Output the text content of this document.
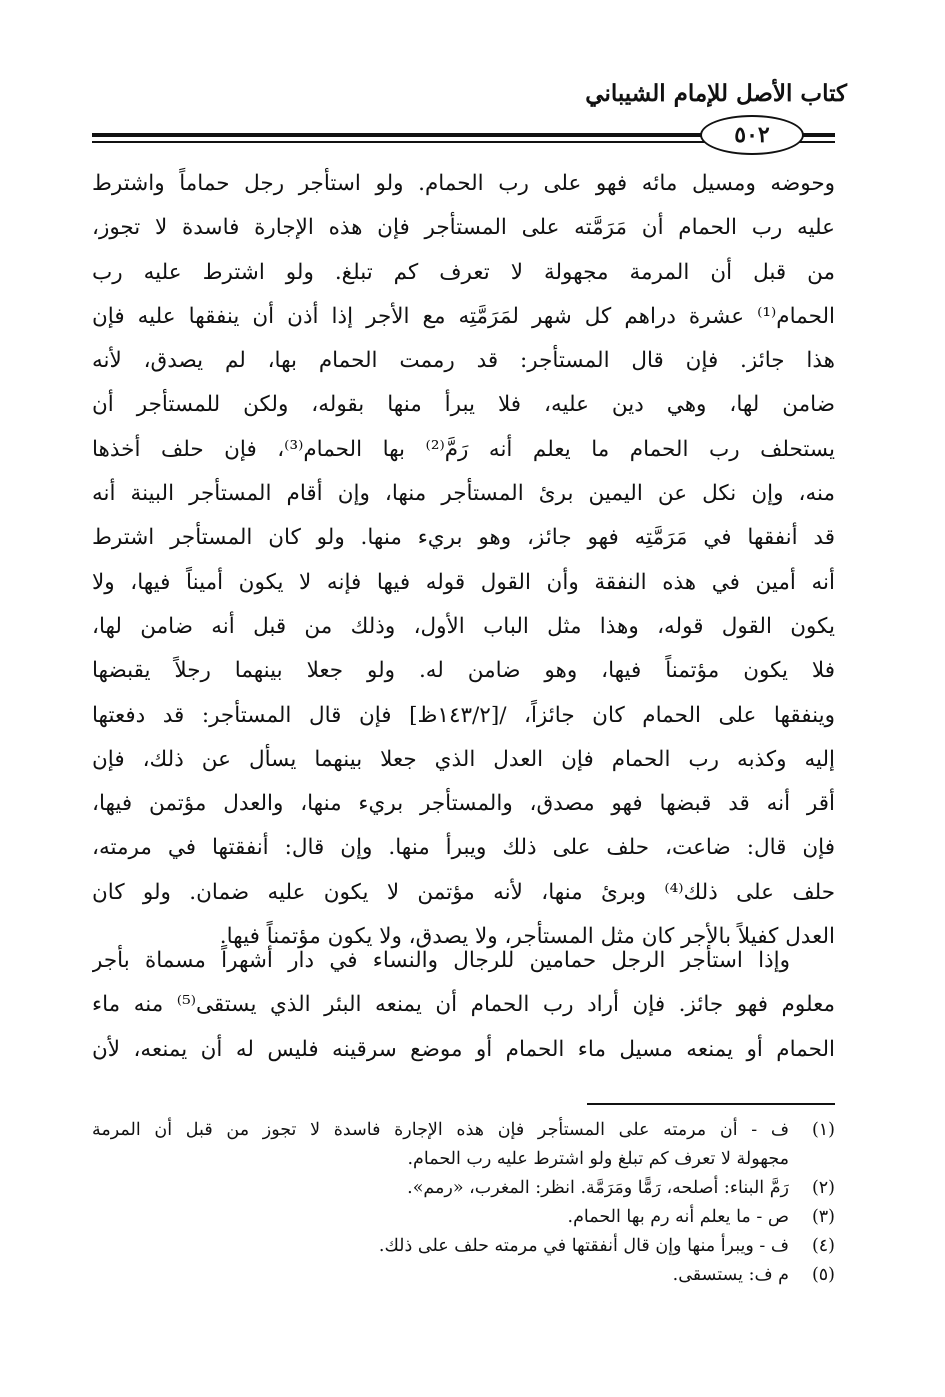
كتاب الأصل للإمام الشيباني
٥٠٢
وحوضه ومسيل مائه فهو على رب الحمام. ولو استأجر رجل حماماً واشترط
عليه رب الحمام أن مَرَمَّته على المستأجر فإن هذه الإجارة فاسدة لا تجوز،
من قبل أن المرمة مجهولة لا تعرف كم تبلغ. ولو اشترط عليه رب
الحمام⁽¹⁾ عشرة دراهم كل شهر لمَرَمَّتِه مع الأجر إذا أذن أن ينفقها عليه فإن
هذا جائز. فإن قال المستأجر: قد رممت الحمام بها، لم يصدق، لأنه
ضامن لها، وهي دين عليه، فلا يبرأ منها بقوله، ولكن للمستأجر أن
يستحلف رب الحمام ما يعلم أنه رَمَّ⁽²⁾ بها الحمام⁽³⁾، فإن حلف أخذها
منه، وإن نكل عن اليمين برئ المستأجر منها، وإن أقام المستأجر البينة أنه
قد أنفقها في مَرَمَّتِه فهو جائز، وهو بريء منها. ولو كان المستأجر اشترط
أنه أمين في هذه النفقة وأن القول قوله فيها فإنه لا يكون أميناً فيها، ولا
يكون القول قوله، وهذا مثل الباب الأول، وذلك من قبل أنه ضامن لها،
فلا يكون مؤتمناً فيها، وهو ضامن له. ولو جعلا بينهما رجلاً يقبضها
وينفقها على الحمام كان جائزاً، /[١٤٣/٢ظ] فإن قال المستأجر: قد دفعتها
إليه وكذبه رب الحمام فإن العدل الذي جعلا بينهما يسأل عن ذلك، فإن
أقر أنه قد قبضها فهو مصدق، والمستأجر بريء منها، والعدل مؤتمن فيها،
فإن قال: ضاعت، حلف على ذلك ويبرأ منها. وإن قال: أنفقتها في مرمته،
حلف على ذلك⁽⁴⁾ وبرئ منها، لأنه مؤتمن لا يكون عليه ضمان. ولو كان
العدل كفيلاً بالأجر كان مثل المستأجر، ولا يصدق، ولا يكون مؤتمناً فيها.
وإذا استأجر الرجل حمامين للرجال والنساء في دار أشهراً مسماة بأجر
معلوم فهو جائز. فإن أراد رب الحمام أن يمنعه البئر الذي يستقى⁽⁵⁾ منه ماء
الحمام أو يمنعه مسيل ماء الحمام أو موضع سرقينه فليس له أن يمنعه، لأن
(١)
ف - أن مرمته على المستأجر فإن هذه الإجارة فاسدة لا تجوز من قبل أن المرمة
مجهولة لا تعرف كم تبلغ ولو اشترط عليه رب الحمام.
(٢)
رَمَّ البناء: أصلحه، رَمًّا ومَرَمَّة. انظر: المغرب، «رمم».
(٣)
ص - ما يعلم أنه رم بها الحمام.
(٤)
ف - ويبرأ منها وإن قال أنفقتها في مرمته حلف على ذلك.
(٥)
م ف: يستسقى.
